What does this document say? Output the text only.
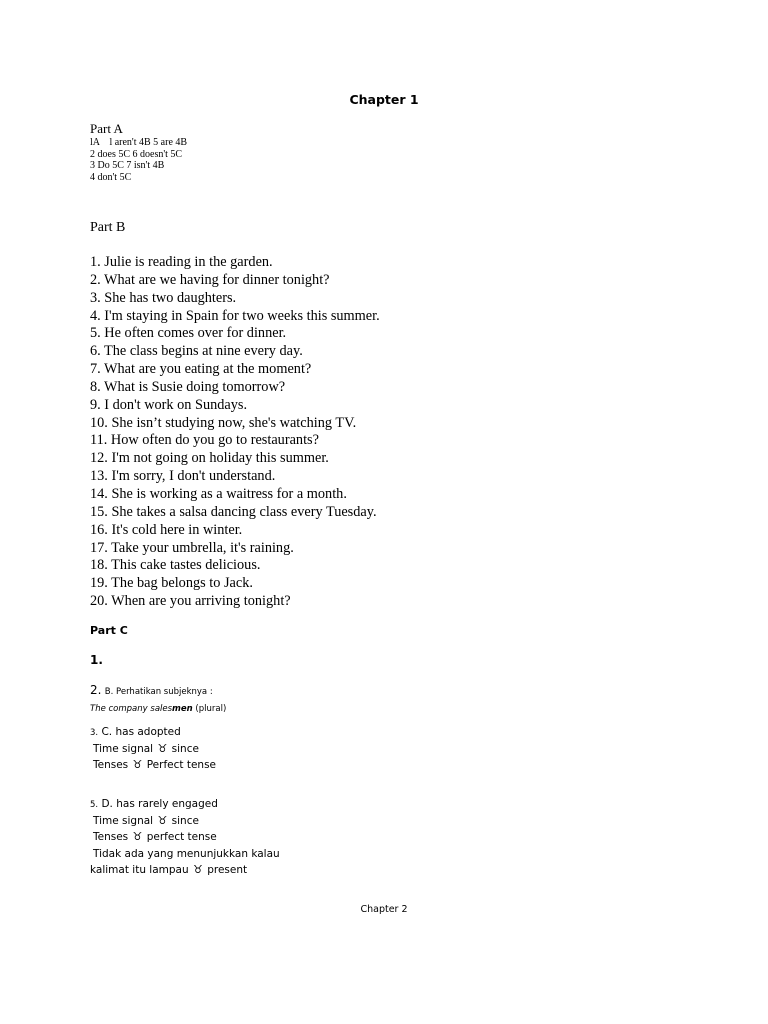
Chapter 1
Part A
lA    l aren't 4B 5 are 4B
2 does 5C 6 doesn't 5C
3 Do 5C 7 isn't 4B
4 don't 5C
Part B
1. Julie is reading in the garden.
2. What are we having for dinner tonight?
3. She has two daughters.
4. I'm staying in Spain for two weeks this summer.
5. He often comes over for dinner.
6. The class begins at nine every day.
7. What are you eating at the moment?
8. What is Susie doing tomorrow?
9. I don't work on Sundays.
10. She isn’t studying now, she's watching TV.
11. How often do you go to restaurants?
12. I'm not going on holiday this summer.
13. I'm sorry, I don't understand.
14. She is working as a waitress for a month.
15. She takes a salsa dancing class every Tuesday.
16. It's cold here in winter.
17. Take your umbrella, it's raining.
18. This cake tastes delicious.
19. The bag belongs to Jack.
20. When are you arriving tonight?
Part C
1.
2. B. Perhatikan subjeknya :
The company salesmen (plural)
3. C. has adopted
Time signal ♉ since
Tenses ♉ Perfect tense
5. D. has rarely engaged
Time signal ♉ since
Tenses ♉ perfect tense
Tidak ada yang menunjukkan kalau
kalimat itu lampau ♉ present
Chapter 2
